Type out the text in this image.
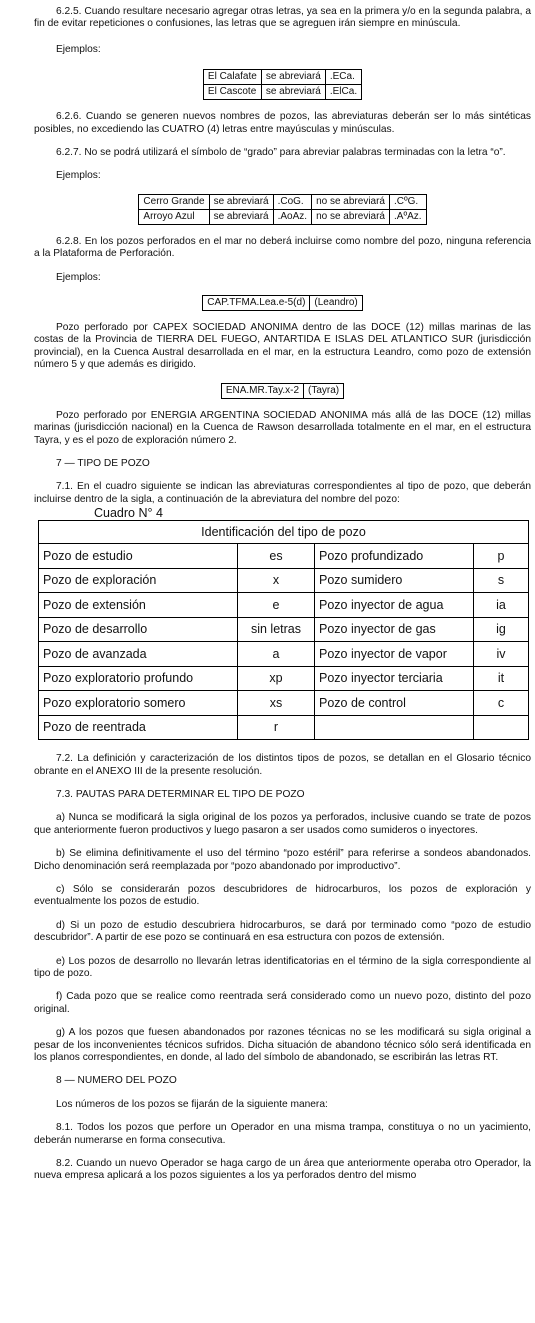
6.2.5. Cuando resultare necesario agregar otras letras, ya sea en la primera y/o en la segunda palabra, a fin de evitar repeticiones o confusiones, las letras que se agreguen irán siempre en minúscula.

Ejemplos:

El Calafate	se abreviará	.ECa.
El Cascote	se abreviará	.ElCa.

6.2.6. Cuando se generen nuevos nombres de pozos, las abreviaturas deberán ser lo más sintéticas posibles, no excediendo las CUATRO (4) letras entre mayúsculas y minúsculas.

6.2.7. No se podrá utilizará el símbolo de “grado” para abreviar palabras terminadas con la letra “o”.

Ejemplos:

Cerro Grande	se abreviará	.CoG.	no se abreviará	.CºG.
Arroyo Azul	se abreviará	.AoAz.	no se abreviará	.AºAz.

6.2.8. En los pozos perforados en el mar no deberá incluirse como nombre del pozo, ninguna referencia a la Plataforma de Perforación.

Ejemplos:

CAP.TFMA.Lea.e-5(d)	(Leandro)

Pozo perforado por CAPEX SOCIEDAD ANONIMA dentro de las DOCE (12) millas marinas de las costas de la Provincia de TIERRA DEL FUEGO, ANTARTIDA E ISLAS DEL ATLANTICO SUR (jurisdicción provincial), en la Cuenca Austral desarrollada en el mar, en la estructura Leandro, como pozo de extensión número 5 y que además es dirigido.

ENA.MR.Tay.x-2	(Tayra)

Pozo perforado por ENERGIA ARGENTINA SOCIEDAD ANONIMA más allá de las DOCE (12) millas marinas (jurisdicción nacional) en la Cuenca de Rawson desarrollada totalmente en el mar, en el estructura Tayra, y es el pozo de exploración número 2.

7 — TIPO DE POZO

7.1. En el cuadro siguiente se indican las abreviaturas correspondientes al tipo de pozo, que deberán incluirse dentro de la sigla, a continuación de la abreviatura del nombre del pozo:

Cuadro N° 4
Identificación del tipo de pozo			
Pozo de estudio	es	Pozo profundizado	p
Pozo de exploración	x	Pozo sumidero	s
Pozo de extensión	e	Pozo inyector de agua	ia
Pozo de desarrollo	sin letras	Pozo inyector de gas	ig
Pozo de avanzada	a	Pozo inyector de vapor	iv
Pozo exploratorio profundo	xp	Pozo inyector terciaria	it
Pozo exploratorio somero	xs	Pozo de control	c
Pozo de reentrada	r		

7.2. La definición y caracterización de los distintos tipos de pozos, se detallan en el Glosario técnico obrante en el ANEXO III de la presente resolución.

7.3. PAUTAS PARA DETERMINAR EL TIPO DE POZO

a) Nunca se modificará la sigla original de los pozos ya perforados, inclusive cuando se trate de pozos que anteriormente fueron productivos y luego pasaron a ser usados como sumideros o inyectores.

b) Se elimina definitivamente el uso del término “pozo estéril” para referirse a sondeos abandonados. Dicho denominación será reemplazada por “pozo abandonado por improductivo”.

c) Sólo se considerarán pozos descubridores de hidrocarburos, los pozos de exploración y eventualmente los pozos de estudio.

d) Si un pozo de estudio descubriera hidrocarburos, se dará por terminado como “pozo de estudio descubridor”. A partir de ese pozo se continuará en esa estructura con pozos de extensión.

e) Los pozos de desarrollo no llevarán letras identificatorias en el término de la sigla correspondiente al tipo de pozo.

f) Cada pozo que se realice como reentrada será considerado como un nuevo pozo, distinto del pozo original.

g) A los pozos que fuesen abandonados por razones técnicas no se les modificará su sigla original a pesar de los inconvenientes técnicos sufridos. Dicha situación de abandono técnico sólo será identificada en los planos correspondientes, en donde, al lado del símbolo de abandonado, se escribirán las letras RT.

8 — NUMERO DEL POZO

Los números de los pozos se fijarán de la siguiente manera:

8.1. Todos los pozos que perfore un Operador en una misma trampa, constituya o no un yacimiento, deberán numerarse en forma consecutiva.

8.2. Cuando un nuevo Operador se haga cargo de un área que anteriormente operaba otro Operador, la nueva empresa aplicará a los pozos siguientes a los ya perforados dentro del mismo
